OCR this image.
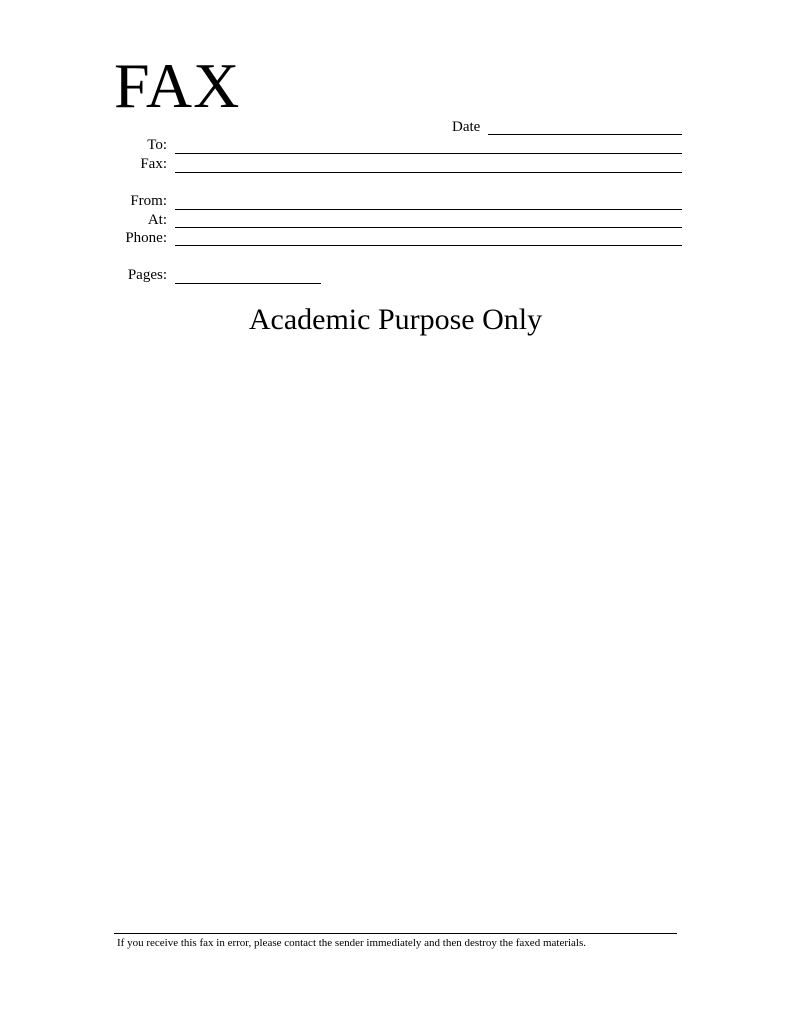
FAX
Date
To:
Fax:
From:
At:
Phone:
Pages:
Academic Purpose Only
If you receive this fax in error, please contact the sender immediately and then destroy the faxed materials.
